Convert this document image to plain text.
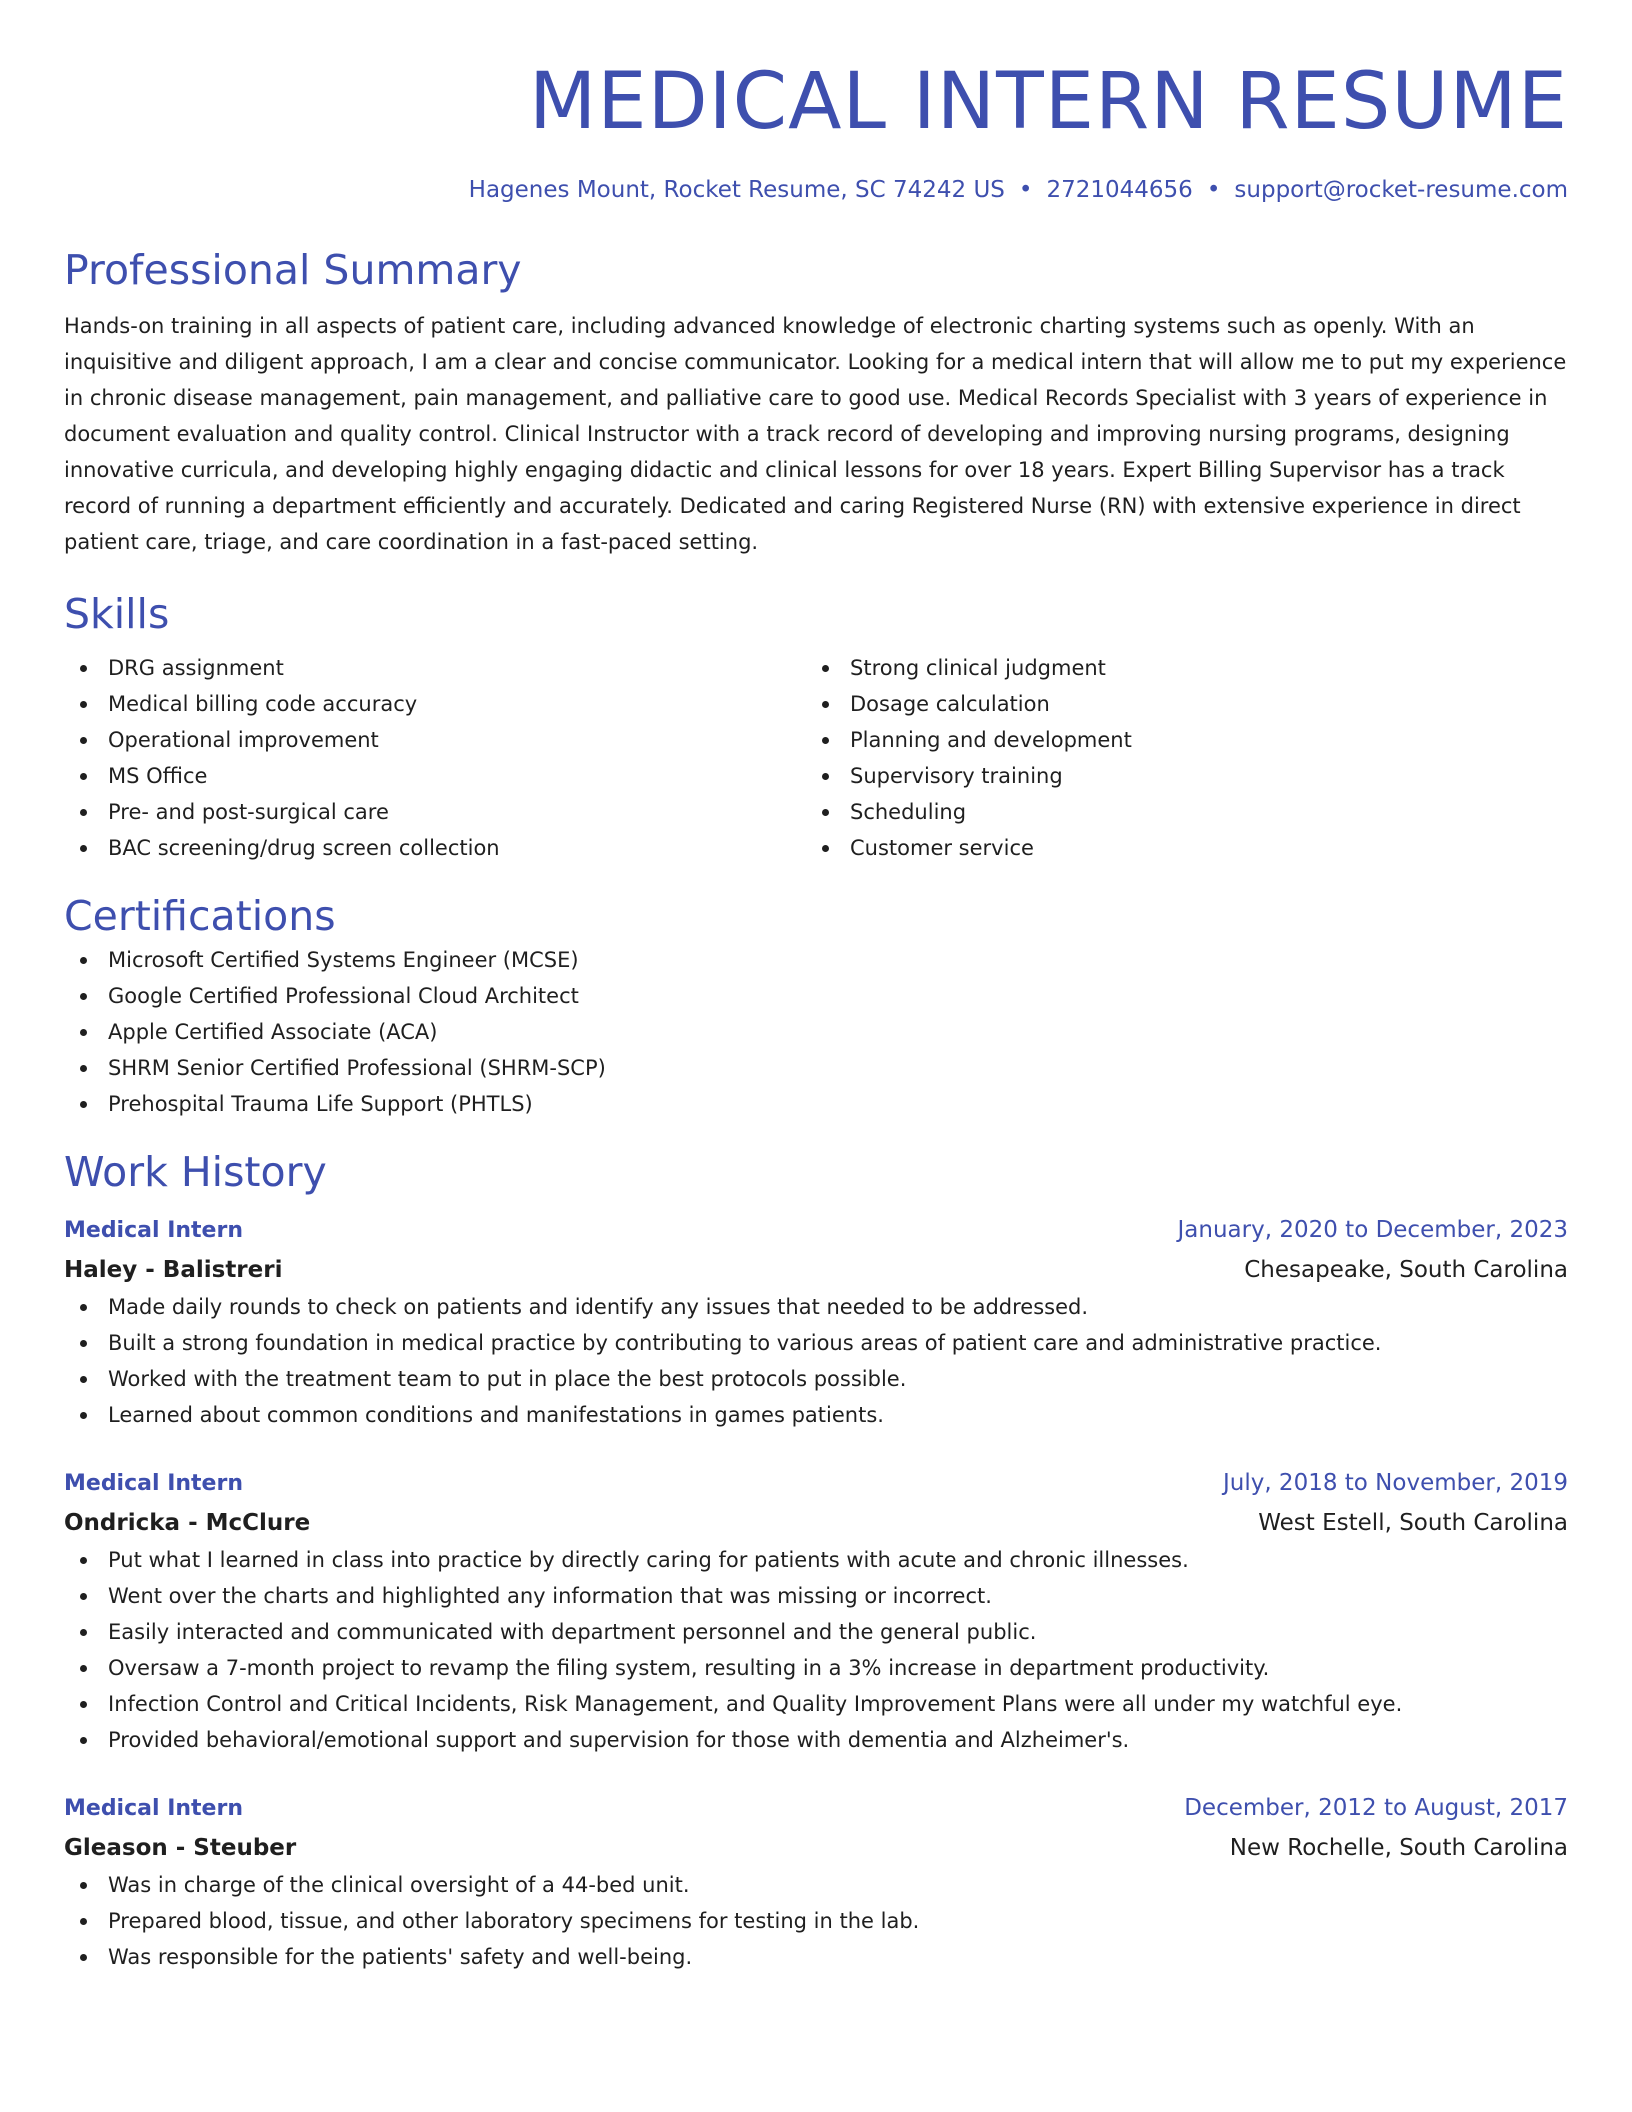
MEDICAL INTERN RESUME
Hagenes Mount, Rocket Resume, SC 74242 US • 2721044656 • support@rocket-resume.com
Professional Summary

Hands-on training in all aspects of patient care, including advanced knowledge of electronic charting systems such as openly. With an inquisitive and diligent approach, I am a clear and concise communicator. Looking for a medical intern that will allow me to put my experience in chronic disease management, pain management, and palliative care to good use. Medical Records Specialist with 3 years of experience in document evaluation and quality control. Clinical Instructor with a track record of developing and improving nursing programs, designing innovative curricula, and developing highly engaging didactic and clinical lessons for over 18 years. Expert Billing Supervisor has a track record of running a department efficiently and accurately. Dedicated and caring Registered Nurse (RN) with extensive experience in direct patient care, triage, and care coordination in a fast-paced setting.

Skills
DRG assignment
Medical billing code accuracy
Operational improvement
MS Office
Pre- and post-surgical care
BAC screening/drug screen collection
Strong clinical judgment
Dosage calculation
Planning and development
Supervisory training
Scheduling
Customer service
Certifications
Microsoft Certified Systems Engineer (MCSE)
Google Certified Professional Cloud Architect
Apple Certified Associate (ACA)
SHRM Senior Certified Professional (SHRM-SCP)
Prehospital Trauma Life Support (PHTLS)
Work History
Medical Intern	January, 2020 to December, 2023
Haley - Balistreri	Chesapeake, South Carolina
Made daily rounds to check on patients and identify any issues that needed to be addressed.
Built a strong foundation in medical practice by contributing to various areas of patient care and administrative practice.
Worked with the treatment team to put in place the best protocols possible.
Learned about common conditions and manifestations in games patients.
Medical Intern	July, 2018 to November, 2019
Ondricka - McClure	West Estell, South Carolina
Put what I learned in class into practice by directly caring for patients with acute and chronic illnesses.
Went over the charts and highlighted any information that was missing or incorrect.
Easily interacted and communicated with department personnel and the general public.
Oversaw a 7-month project to revamp the filing system, resulting in a 3% increase in department productivity.
Infection Control and Critical Incidents, Risk Management, and Quality Improvement Plans were all under my watchful eye.
Provided behavioral/emotional support and supervision for those with dementia and Alzheimer's.
Medical Intern	December, 2012 to August, 2017
Gleason - Steuber	New Rochelle, South Carolina
Was in charge of the clinical oversight of a 44-bed unit.
Prepared blood, tissue, and other laboratory specimens for testing in the lab.
Was responsible for the patients' safety and well-being.
